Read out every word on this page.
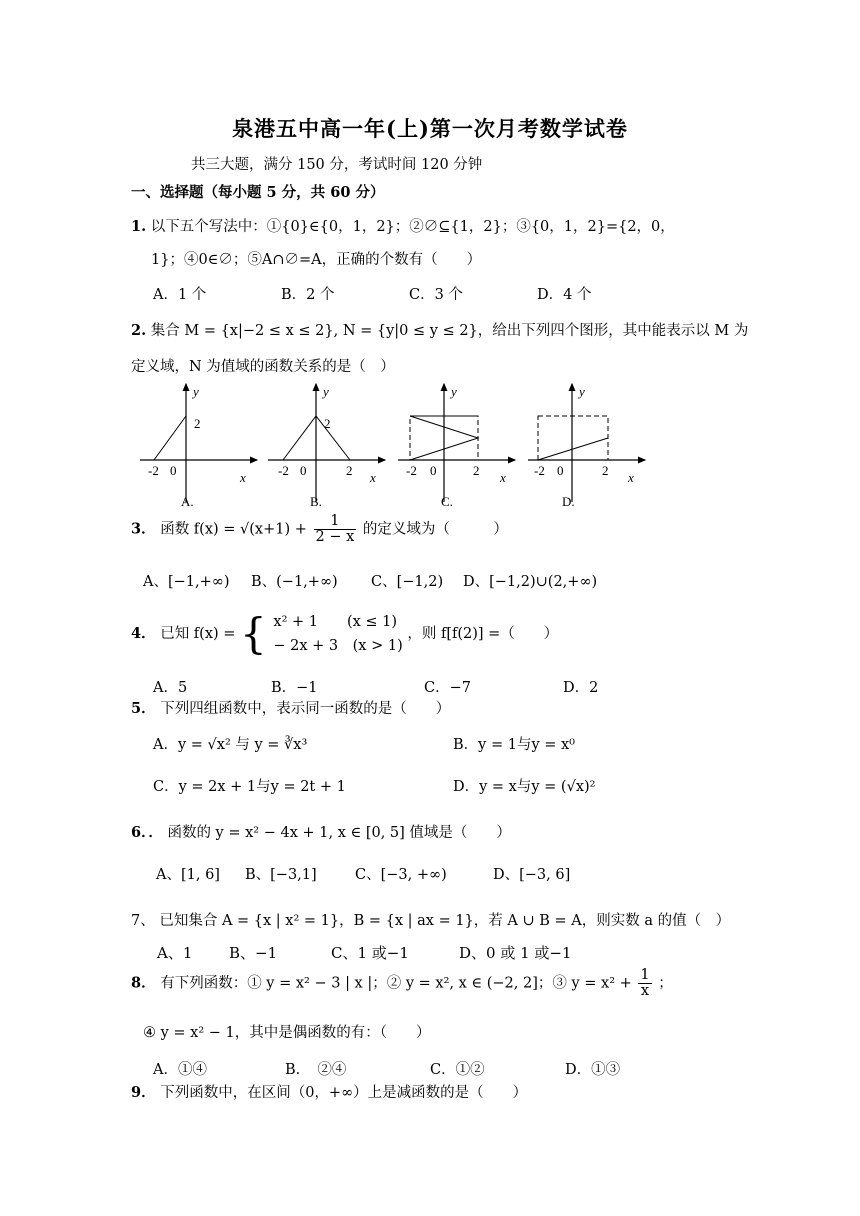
泉港五中高一年(上)第一次月考数学试卷
共三大题，满分 150 分，考试时间 120 分钟
一、选择题（每小题 5 分，共 60 分）
1. 以下五个写法中：①{0}∈{0，1，2}；②∅⊆{1，2}；③{0，1，2}={2，0，
1}；④0∈∅；⑤A∩∅=A，正确的个数有（　　）
A．1 个	B．2 个	C．3 个	D．4 个
2. 集合 M = {x|−2 ≤ x ≤ 2}, N = {y|0 ≤ y ≤ 2}，给出下列四个图形，其中能表示以 M 为
定义域，N 为值域的函数关系的是（　）
y
2
-2 0	x
A.
y
2
-2 0	2 x
B.
y
-2 0	2 x
C.
y
-2 0	2 x
D.
3． 函数 $f(x) = √(x+1) + \frac{1}{2 - x}$ 的定义域为（　　　）
A、[−1,+∞) B、(−1,+∞) C、[−1,2) D、[−1,2)∪(2,+∞)
4． 已知 f(x) = { x² + 1　　(x ≤ 1)
− 2x + 3　(x > 1)
，则 f[f(2)] =（　　）
A．5	B．−1	C．−7	D．2
5． 下列四组函数中，表示同一函数的是（　　）
A．y = √x² 与 y = ∛x³	B．y = 1与y = x⁰
C．y = 2x + 1与y = 2t + 1	D．y = x与y = (√x)²
6．． 函数的 y = x² − 4x + 1, x ∈ [0, 5] 值域是（　　）
A、[1, 6] B、[−3,1]	C、[−3, +∞)	D、[−3, 6]
7、 已知集合 A = {x | x² = 1}，B = {x | ax = 1}，若 A ∪ B = A，则实数 a 的值（　）
A、1 B、−1	C、1 或−1	D、0 或 1 或−1
8． 有下列函数：① y = x² − 3 | x |；② y = x², x ∈ (−2, 2]；③ $y = x^2 + \frac{1}{x}$ ；
④ y = x² − 1，其中是偶函数的有：（　　）
A．①④	B．　②④	C．①②	D．①③
9． 下列函数中，在区间（0，+∞）上是减函数的是（　　）
